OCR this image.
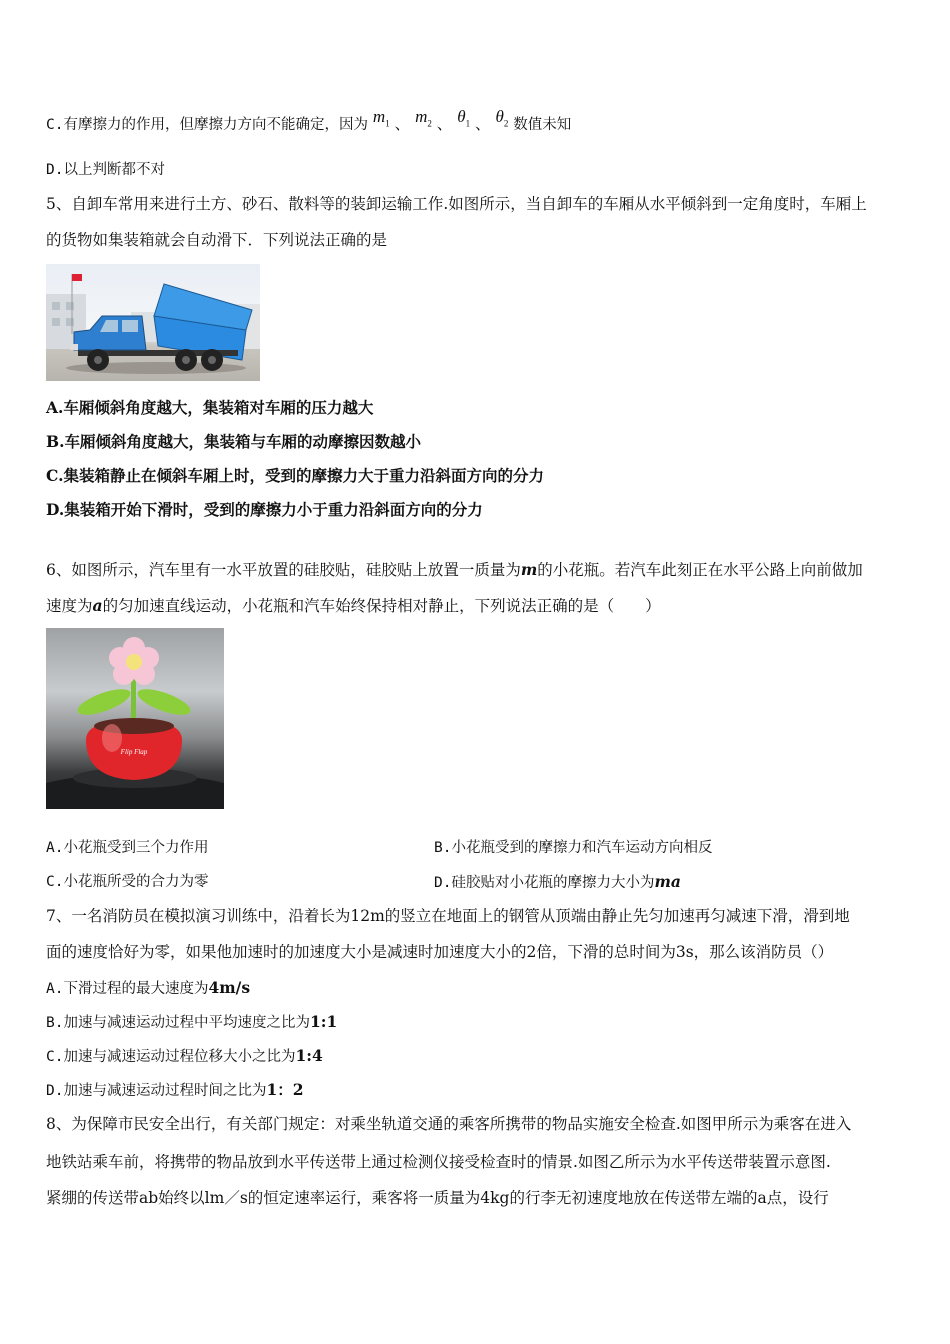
C.有摩擦力的作用，但摩擦力方向不能确定，因为 $m_1$ 、 $m_2$ 、 $\theta_1$ 、 $\theta_2$ 数值未知
D.以上判断都不对
5、自卸车常用来进行土方、砂石、散料等的装卸运输工作.如图所示，当自卸车的车厢从水平倾斜到一定角度时，车厢上
的货物如集装箱就会自动滑下．下列说法正确的是
A.车厢倾斜角度越大，集装箱对车厢的压力越大
B.车厢倾斜角度越大，集装箱与车厢的动摩擦因数越小
C.集装箱静止在倾斜车厢上时，受到的摩擦力大于重力沿斜面方向的分力
D.集装箱开始下滑时，受到的摩擦力小于重力沿斜面方向的分力
6、如图所示，汽车里有一水平放置的硅胶贴，硅胶贴上放置一质量为m的小花瓶。若汽车此刻正在水平公路上向前做加
速度为a的匀加速直线运动，小花瓶和汽车始终保持相对静止，下列说法正确的是（　　）
Flip Flap
A.小花瓶受到三个力作用	B.小花瓶受到的摩擦力和汽车运动方向相反
C.小花瓶所受的合力为零	D.硅胶贴对小花瓶的摩擦力大小为ma
7、一名消防员在模拟演习训练中，沿着长为12m的竖立在地面上的钢管从顶端由静止先匀加速再匀减速下滑，滑到地
面的速度恰好为零，如果他加速时的加速度大小是减速时加速度大小的2倍，下滑的总时间为3s，那么该消防员（）
A.下滑过程的最大速度为4m/s
B.加速与减速运动过程中平均速度之比为1:1
C.加速与减速运动过程位移大小之比为1:4
D.加速与减速运动过程时间之比为1：2
8、为保障市民安全出行，有关部门规定：对乘坐轨道交通的乘客所携带的物品实施安全检查.如图甲所示为乘客在进入
地铁站乘车前，将携带的物品放到水平传送带上通过检测仪接受检查时的情景.如图乙所示为水平传送带装置示意图.
紧绷的传送带ab始终以lm／s的恒定速率运行，乘客将一质量为4kg的行李无初速度地放在传送带左端的a点，设行
